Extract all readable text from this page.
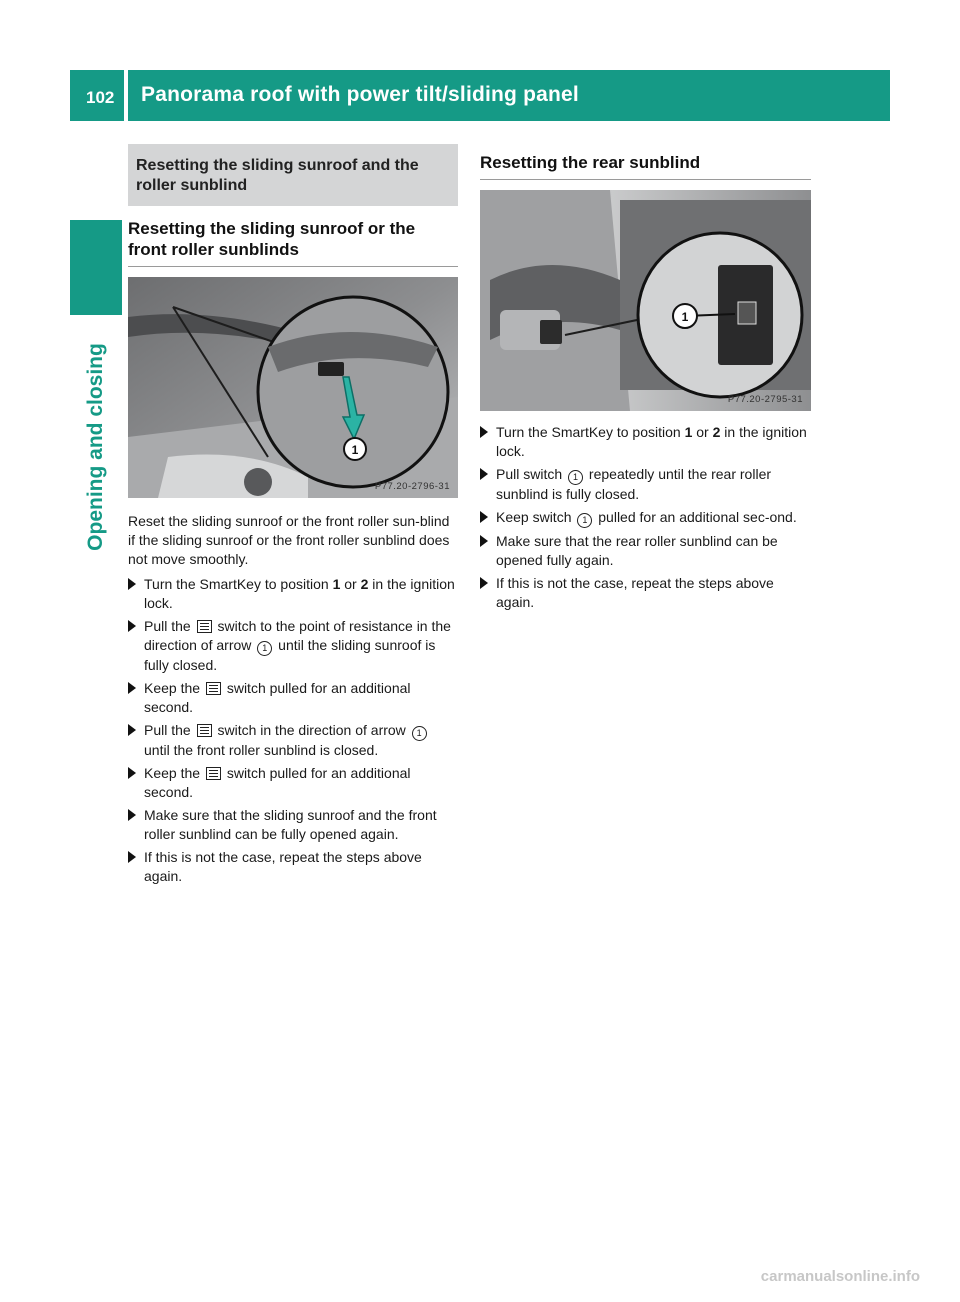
102 Panorama roof with power tilt/sliding panel
Opening and closing
Resetting the sliding sunroof and the roller sunblind
Resetting the sliding sunroof or the front roller sunblinds
1
P77.20-2796-31
Reset the sliding sunroof or the front roller sun-blind if the sliding sunroof or the front roller sunblind does not move smoothly.
Turn the SmartKey to position 1 or 2 in the ignition lock.
Pull the  switch to the point of resistance in the direction of arrow 1 until the sliding sunroof is fully closed.
Keep the  switch pulled for an additional second.
Pull the  switch in the direction of arrow 1 until the front roller sunblind is closed.
Keep the  switch pulled for an additional second.
Make sure that the sliding sunroof and the front roller sunblind can be fully opened again.
If this is not the case, repeat the steps above again.
Resetting the rear sunblind
1
P77.20-2795-31
Turn the SmartKey to position 1 or 2 in the ignition lock.
Pull switch 1 repeatedly until the rear roller sunblind is fully closed.
Keep switch 1 pulled for an additional sec-ond.
Make sure that the rear roller sunblind can be opened fully again.
If this is not the case, repeat the steps above again.
carmanualsonline.info
